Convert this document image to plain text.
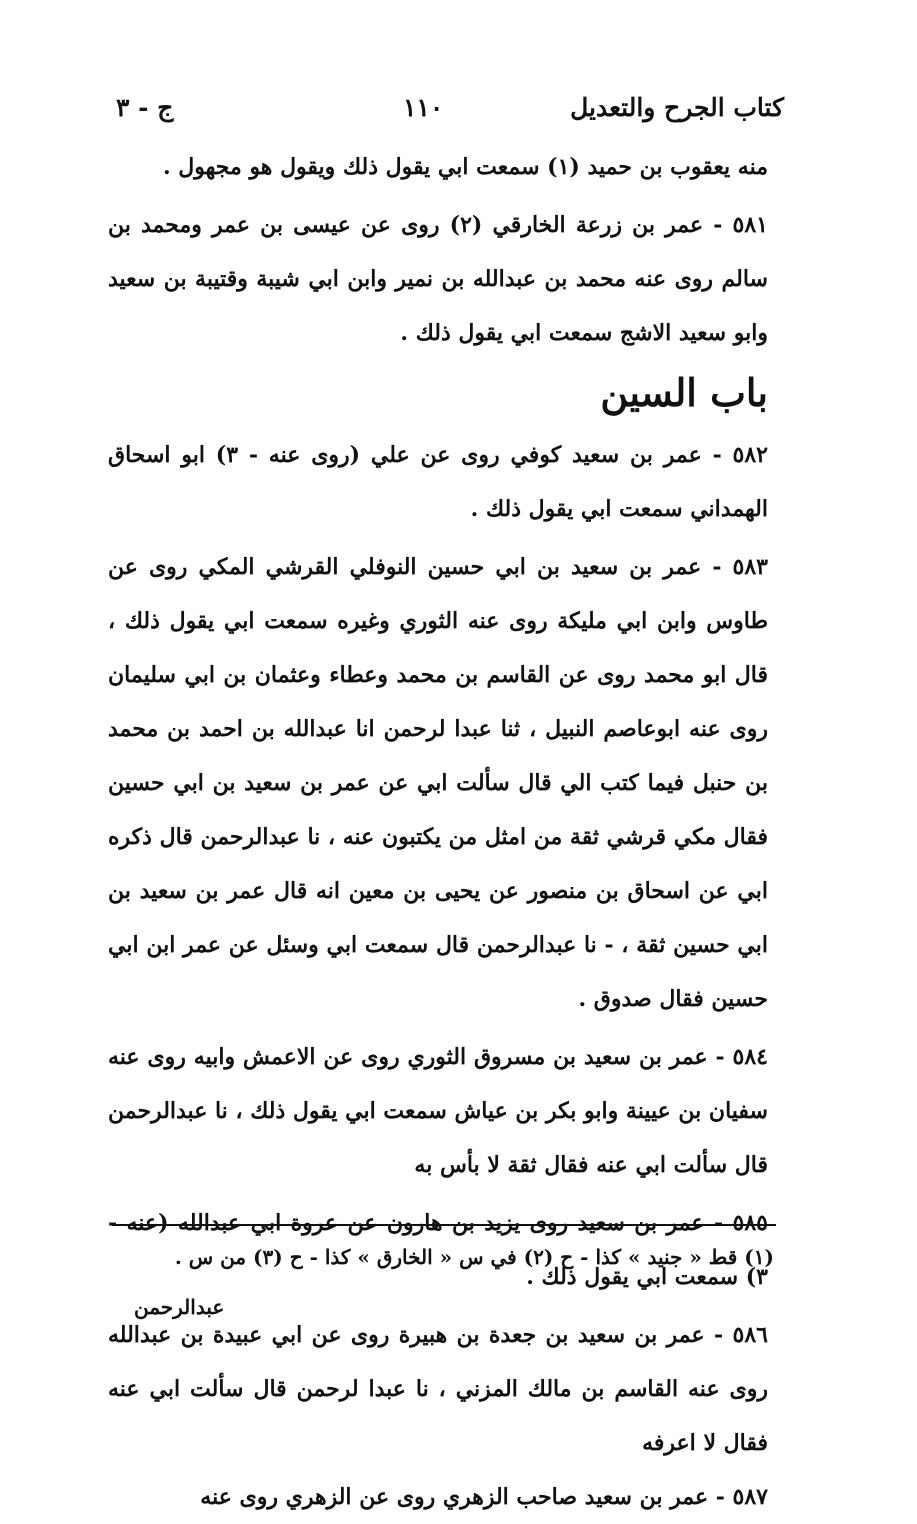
كتاب الجرح والتعديل
١١٠
ج - ٣

منه يعقوب بن حميد (١) سمعت ابي يقول ذلك ويقول هو مجهول .

٥٨١ - عمر بن زرعة الخارقي (٢) روى عن عيسى بن عمر ومحمد بن سالم روى عنه محمد بن عبدالله بن نمير وابن ابي شيبة وقتيبة بن سعيد وابو سعيد الاشج سمعت ابي يقول ذلك .

باب السين

٥٨٢ - عمر بن سعيد كوفي روى عن علي (روى عنه - ٣) ابو اسحاق الهمداني سمعت ابي يقول ذلك .

٥٨٣ - عمر بن سعيد بن ابي حسين النوفلي القرشي المكي روى عن طاوس وابن ابي مليكة روى عنه الثوري وغيره سمعت ابي يقول ذلك ، قال ابو محمد روى عن القاسم بن محمد وعطاء وعثمان بن ابي سليمان روى عنه ابوعاصم النبيل ، ثنا عبدا لرحمن انا عبدالله بن احمد بن محمد بن حنبل فيما كتب الي قال سألت ابي عن عمر بن سعيد بن ابي حسين فقال مكي قرشي ثقة من امثل من يكتبون عنه ، نا عبدالرحمن قال ذكره ابي عن اسحاق بن منصور عن يحيى بن معين انه قال عمر بن سعيد بن ابي حسين ثقة ، - نا عبدالرحمن قال سمعت ابي وسئل عن عمر ابن ابي حسين فقال صدوق .

٥٨٤ - عمر بن سعيد بن مسروق الثوري روى عن الاعمش وابيه روى عنه سفيان بن عيينة وابو بكر بن عياش سمعت ابي يقول ذلك ، نا عبدالرحمن قال سألت ابي عنه فقال ثقة لا بأس به

٥٨٥ - عمر بن سعيد روى يزيد بن هارون عن عروة ابي عبدالله (عنه - ٣) سمعت ابي يقول ذلك .

٥٨٦ - عمر بن سعيد بن جعدة بن هبيرة روى عن ابي عبيدة بن عبدالله روى عنه القاسم بن مالك المزني ، نا عبدا لرحمن قال سألت ابي عنه فقال لا اعرفه

٥٨٧ - عمر بن سعيد صاحب الزهري روى عن الزهري روى عنه

(١) قط « جنيد » كذا - ح (٢) في س « الخارق » كذا - ح (٣) من س .
عبدالرحمن
